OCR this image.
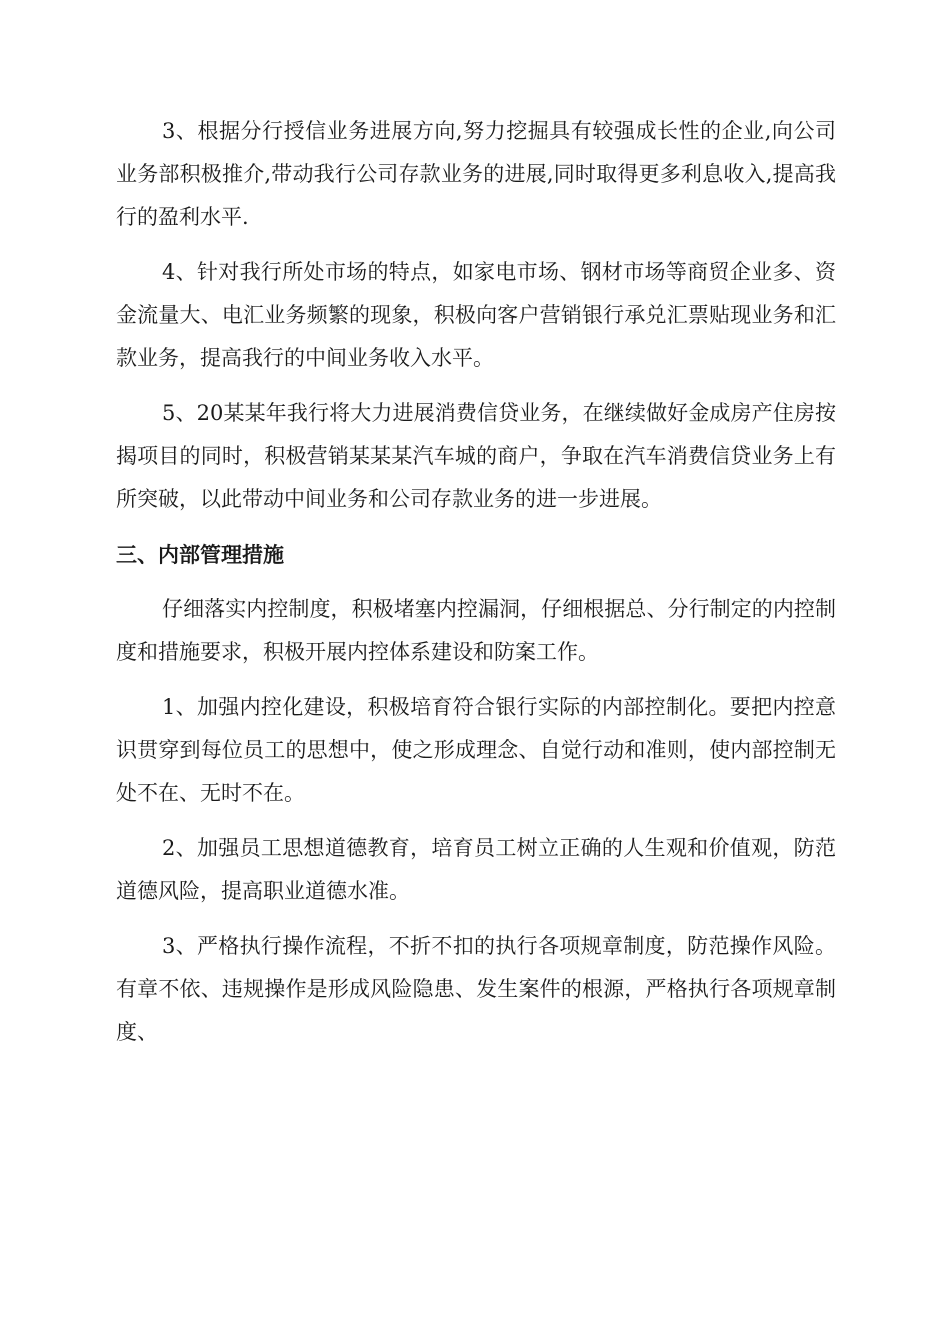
3、根据分行授信业务进展方向,努力挖掘具有较强成长性的企业,向公司业务部积极推介,带动我行公司存款业务的进展,同时取得更多利息收入,提高我行的盈利水平.

4、针对我行所处市场的特点，如家电市场、钢材市场等商贸企业多、资金流量大、电汇业务频繁的现象，积极向客户营销银行承兑汇票贴现业务和汇款业务，提高我行的中间业务收入水平。

5、20某某年我行将大力进展消费信贷业务，在继续做好金成房产住房按揭项目的同时，积极营销某某某汽车城的商户，争取在汽车消费信贷业务上有所突破，以此带动中间业务和公司存款业务的进一步进展。

三、内部管理措施

仔细落实内控制度，积极堵塞内控漏洞，仔细根据总、分行制定的内控制度和措施要求，积极开展内控体系建设和防案工作。

1、加强内控化建设，积极培育符合银行实际的内部控制化。要把内控意识贯穿到每位员工的思想中，使之形成理念、自觉行动和准则，使内部控制无处不在、无时不在。

2、加强员工思想道德教育，培育员工树立正确的人生观和价值观，防范道德风险，提高职业道德水准。

3、严格执行操作流程，不折不扣的执行各项规章制度，防范操作风险。有章不依、违规操作是形成风险隐患、发生案件的根源，严格执行各项规章制度、
